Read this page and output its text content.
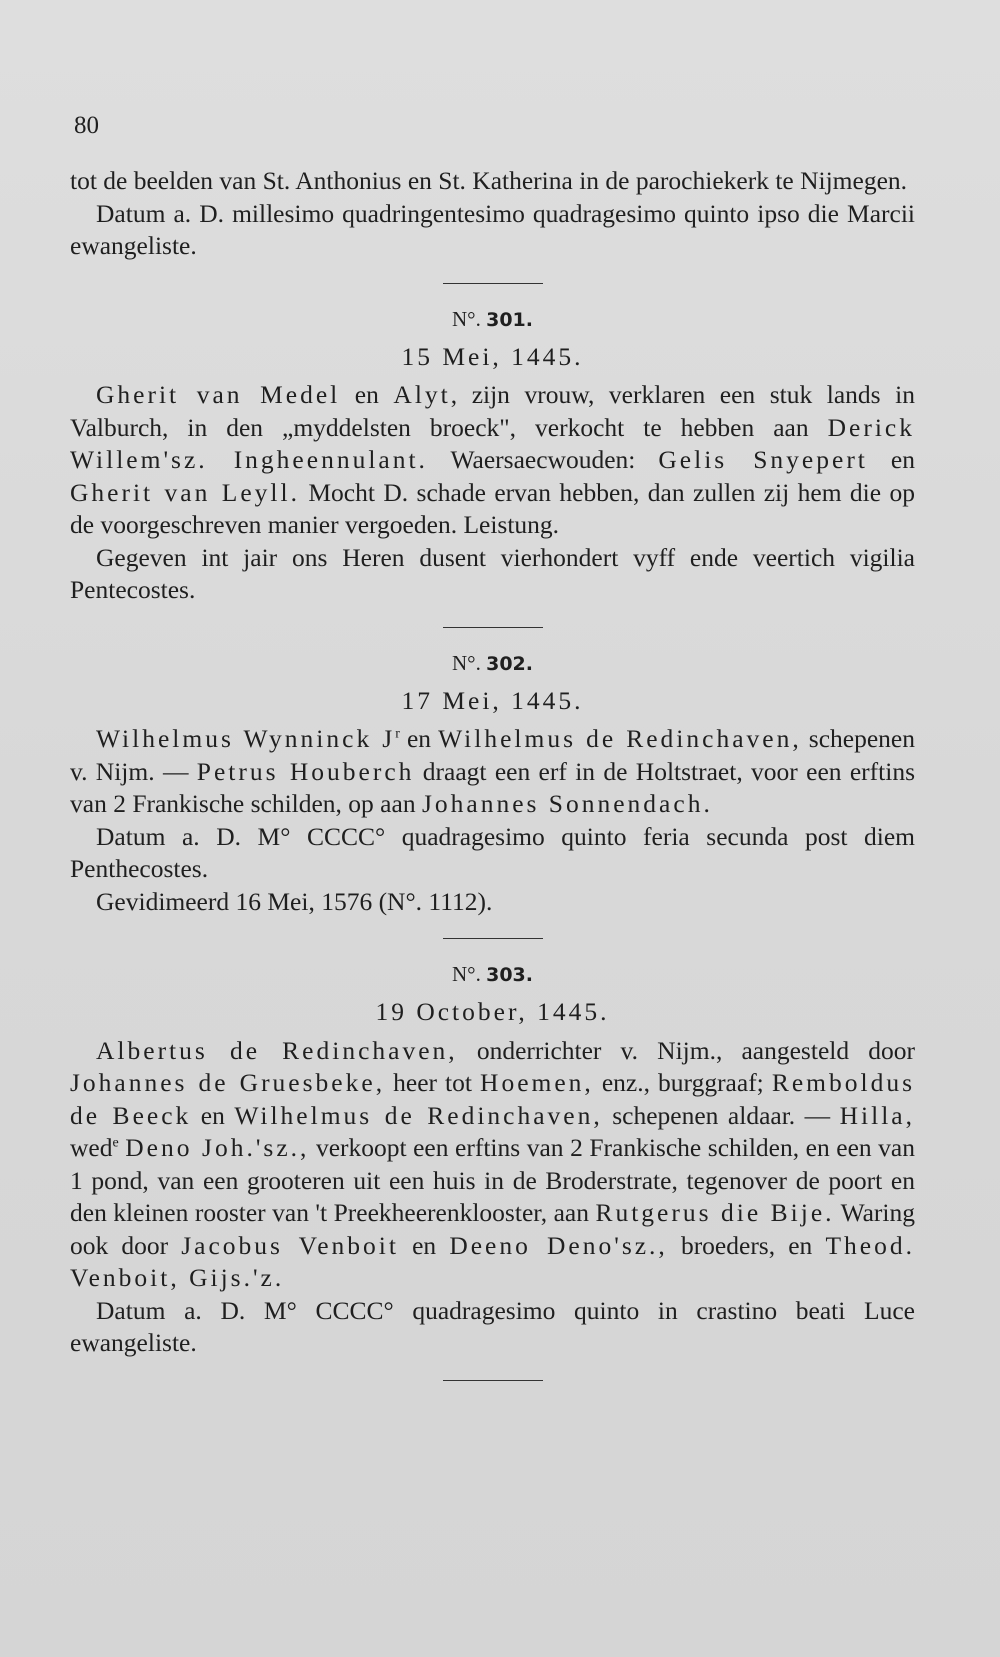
80

tot de beelden van St. Anthonius en St. Katherina in de parochiekerk te Nijmegen.

Datum a. D. millesimo quadringentesimo quadragesimo quinto ipso die Marcii ewangeliste.

N°. 301.
15 Mei, 1445.

Gherit van Medel en Alyt, zijn vrouw, verklaren een stuk lands in Valburch, in den „myddelsten broeck", verkocht te hebben aan Derick Willem'sz. Ingheennulant. Waersaecwouden: Gelis Snyepert en Gherit van Leyll. Mocht D. schade ervan hebben, dan zullen zij hem die op de voorgeschreven manier vergoeden. Leistung.

Gegeven int jair ons Heren dusent vierhondert vyff ende veertich vigilia Pentecostes.

N°. 302.
17 Mei, 1445.

Wilhelmus Wynninck $J^r$ en Wilhelmus de Redinchaven, schepenen v. Nijm. — Petrus Houberch draagt een erf in de Holtstraet, voor een erftins van 2 Frankische schilden, op aan Johannes Sonnendach.

Datum a. D. M° CCCC° quadragesimo quinto feria secunda post diem Penthecostes.

Gevidimeerd 16 Mei, 1576 (N°. 1112).

N°. 303.
19 October, 1445.

Albertus de Redinchaven, onderrichter v. Nijm., aangesteld door Johannes de Gruesbeke, heer tot Hoemen, enz., burggraaf; Remboldus de Beeck en Wilhelmus de Redinchaven, schepenen aldaar. — Hilla, wed$^e$ Deno Joh.'sz., verkoopt een erftins van 2 Frankische schilden, en een van 1 pond, van een grooteren uit een huis in de Broderstrate, tegenover de poort en den kleinen rooster van 't Preekheerenklooster, aan Rutgerus die Bije. Waring ook door Jacobus Venboit en Deeno Deno'sz., broeders, en Theod. Venboit, Gijs.'z.

Datum a. D. M° CCCC° quadragesimo quinto in crastino beati Luce ewangeliste.
